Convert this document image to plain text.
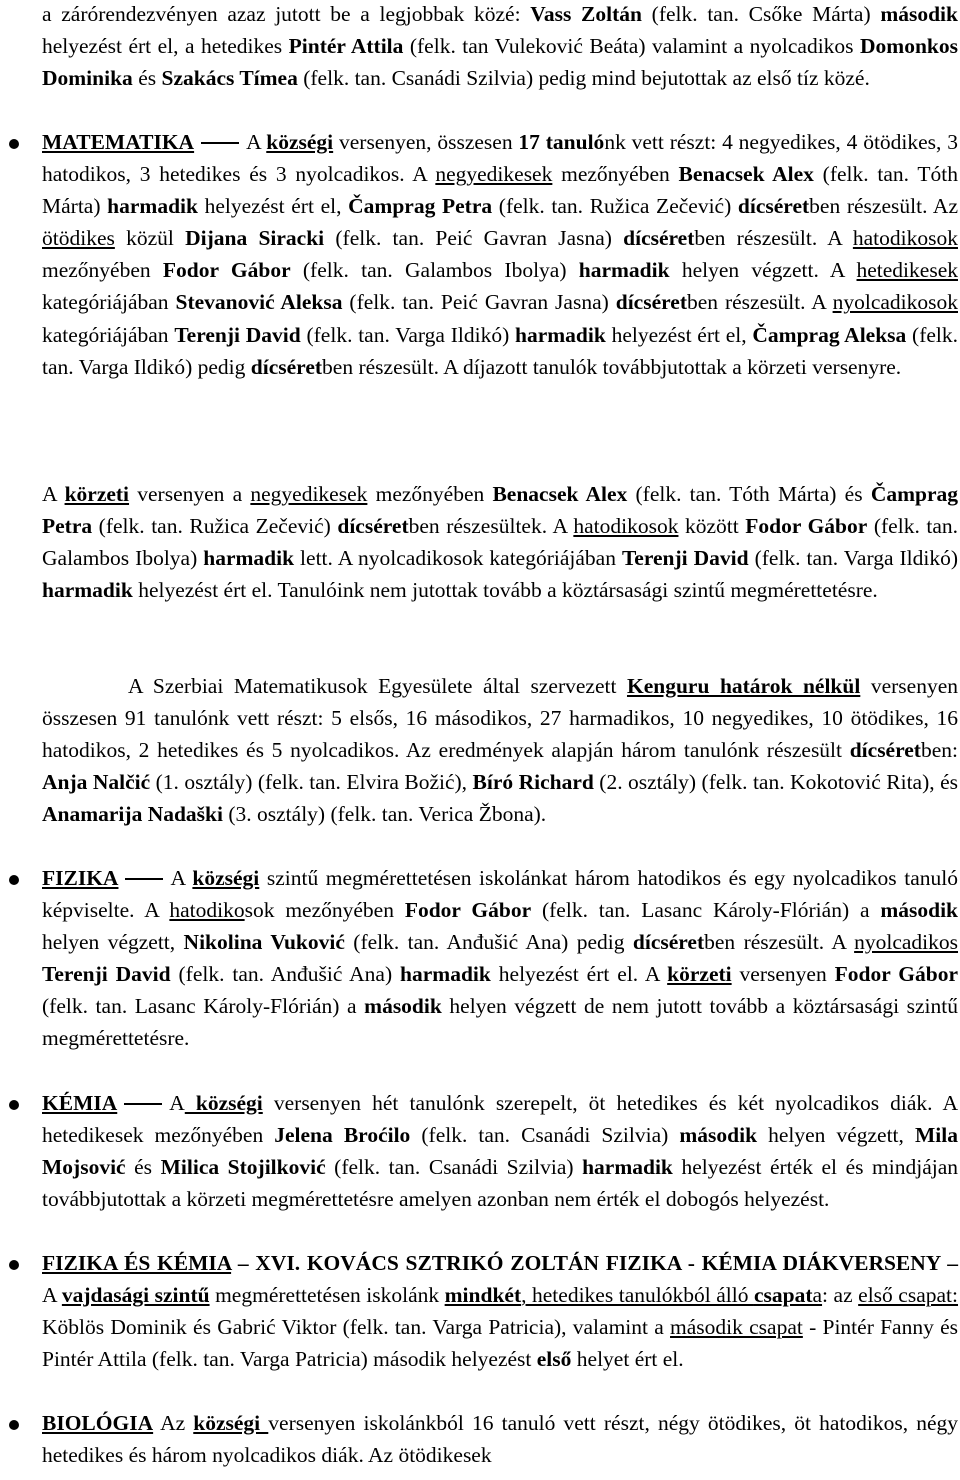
a zárórendezvényen azaz jutott be a legjobbak közé: Vass Zoltán (felk. tan. Csőke Márta) második helyezést ért el, a hetedikes Pintér Attila (felk. tan Vuleković Beáta) valamint a nyolcadikos Domonkos Dominika és Szakács Tímea (felk. tan. Csanádi Szilvia) pedig mind bejutottak az első tíz közé.

MATEMATIKA A községi versenyen, összesen 17 tanulónk vett részt: 4 negyedikes, 4 ötödikes, 3 hatodikos, 3 hetedikes és 3 nyolcadikos. A negyedikesek mezőnyében Benacsek Alex (felk. tan. Tóth Márta) harmadik helyezést ért el, Čamprag Petra (felk. tan. Ružica Zečević) dícséretben részesült. Az ötödikes közül Dijana Siracki (felk. tan. Peić Gavran Jasna) dícséretben részesült. A hatodikosok mezőnyében Fodor Gábor (felk. tan. Galambos Ibolya) harmadik helyen végzett. A hetedikesek kategóriájában Stevanović Aleksa (felk. tan. Peić Gavran Jasna) dícséretben részesült. A nyolcadikosok kategóriájában Terenji David (felk. tan. Varga Ildikó) harmadik helyezést ért el, Čamprag Aleksa (felk. tan. Varga Ildikó) pedig dícséretben részesült. A díjazott tanulók továbbjutottak a körzeti versenyre.

A körzeti versenyen a negyedikesek mezőnyében Benacsek Alex (felk. tan. Tóth Márta) és Čamprag Petra (felk. tan. Ružica Zečević) dícséretben részesültek. A hatodikosok között Fodor Gábor (felk. tan. Galambos Ibolya) harmadik lett. A nyolcadikosok kategóriájában Terenji David (felk. tan. Varga Ildikó) harmadik helyezést ért el. Tanulóink nem jutottak tovább a köztársasági szintű megmérettetésre.

A Szerbiai Matematikusok Egyesülete által szervezett Kenguru határok nélkül versenyen összesen 91 tanulónk vett részt: 5 elsős, 16 másodikos, 27 harmadikos, 10 negyedikes, 10 ötödikes, 16 hatodikos, 2 hetedikes és 5 nyolcadikos. Az eredmények alapján három tanulónk részesült dícséretben: Anja Nalčić (1. osztály) (felk. tan. Elvira Božić), Bíró Richard (2. osztály) (felk. tan. Kokotović Rita), és Anamarija Nadaški (3. osztály) (felk. tan. Verica Žbona).

FIZIKA A községi szintű megmérettetésen iskolánkat három hatodikos és egy nyolcadikos tanuló képviselte. A hatodikosok mezőnyében Fodor Gábor (felk. tan. Lasanc Károly-Flórián) a második helyen végzett, Nikolina Vuković (felk. tan. Anđušić Ana) pedig dícséretben részesült. A nyolcadikos Terenji David (felk. tan. Anđušić Ana) harmadik helyezést ért el. A körzeti versenyen Fodor Gábor (felk. tan. Lasanc Károly-Flórián) a második helyen végzett de nem jutott tovább a köztársasági szintű megmérettetésre.

KÉMIA A községi versenyen hét tanulónk szerepelt, öt hetedikes és két nyolcadikos diák. A hetedikesek mezőnyében Jelena Broćilo (felk. tan. Csanádi Szilvia) második helyen végzett, Mila Mojsović és Milica Stojilković (felk. tan. Csanádi Szilvia) harmadik helyezést érték el és mindjájan továbbjutottak a körzeti megmérettetésre amelyen azonban nem érték el dobogós helyezést.

FIZIKA ÉS KÉMIA – XVI. KOVÁCS SZTRIKÓ ZOLTÁN FIZIKA - KÉMIA DIÁKVERSENY – A vajdasági szintű megmérettetésen iskolánk mindkét, hetedikes tanulókból álló csapata: az első csapat: Köblös Dominik és Gabrić Viktor (felk. tan. Varga Patricia), valamint a második csapat - Pintér Fanny és Pintér Attila (felk. tan. Varga Patricia) második helyezést első helyet ért el.

BIOLÓGIA Az községi versenyen iskolánkból 16 tanuló vett részt, négy ötödikes, öt hatodikos, négy hetedikes és három nyolcadikos diák. Az ötödikesek
